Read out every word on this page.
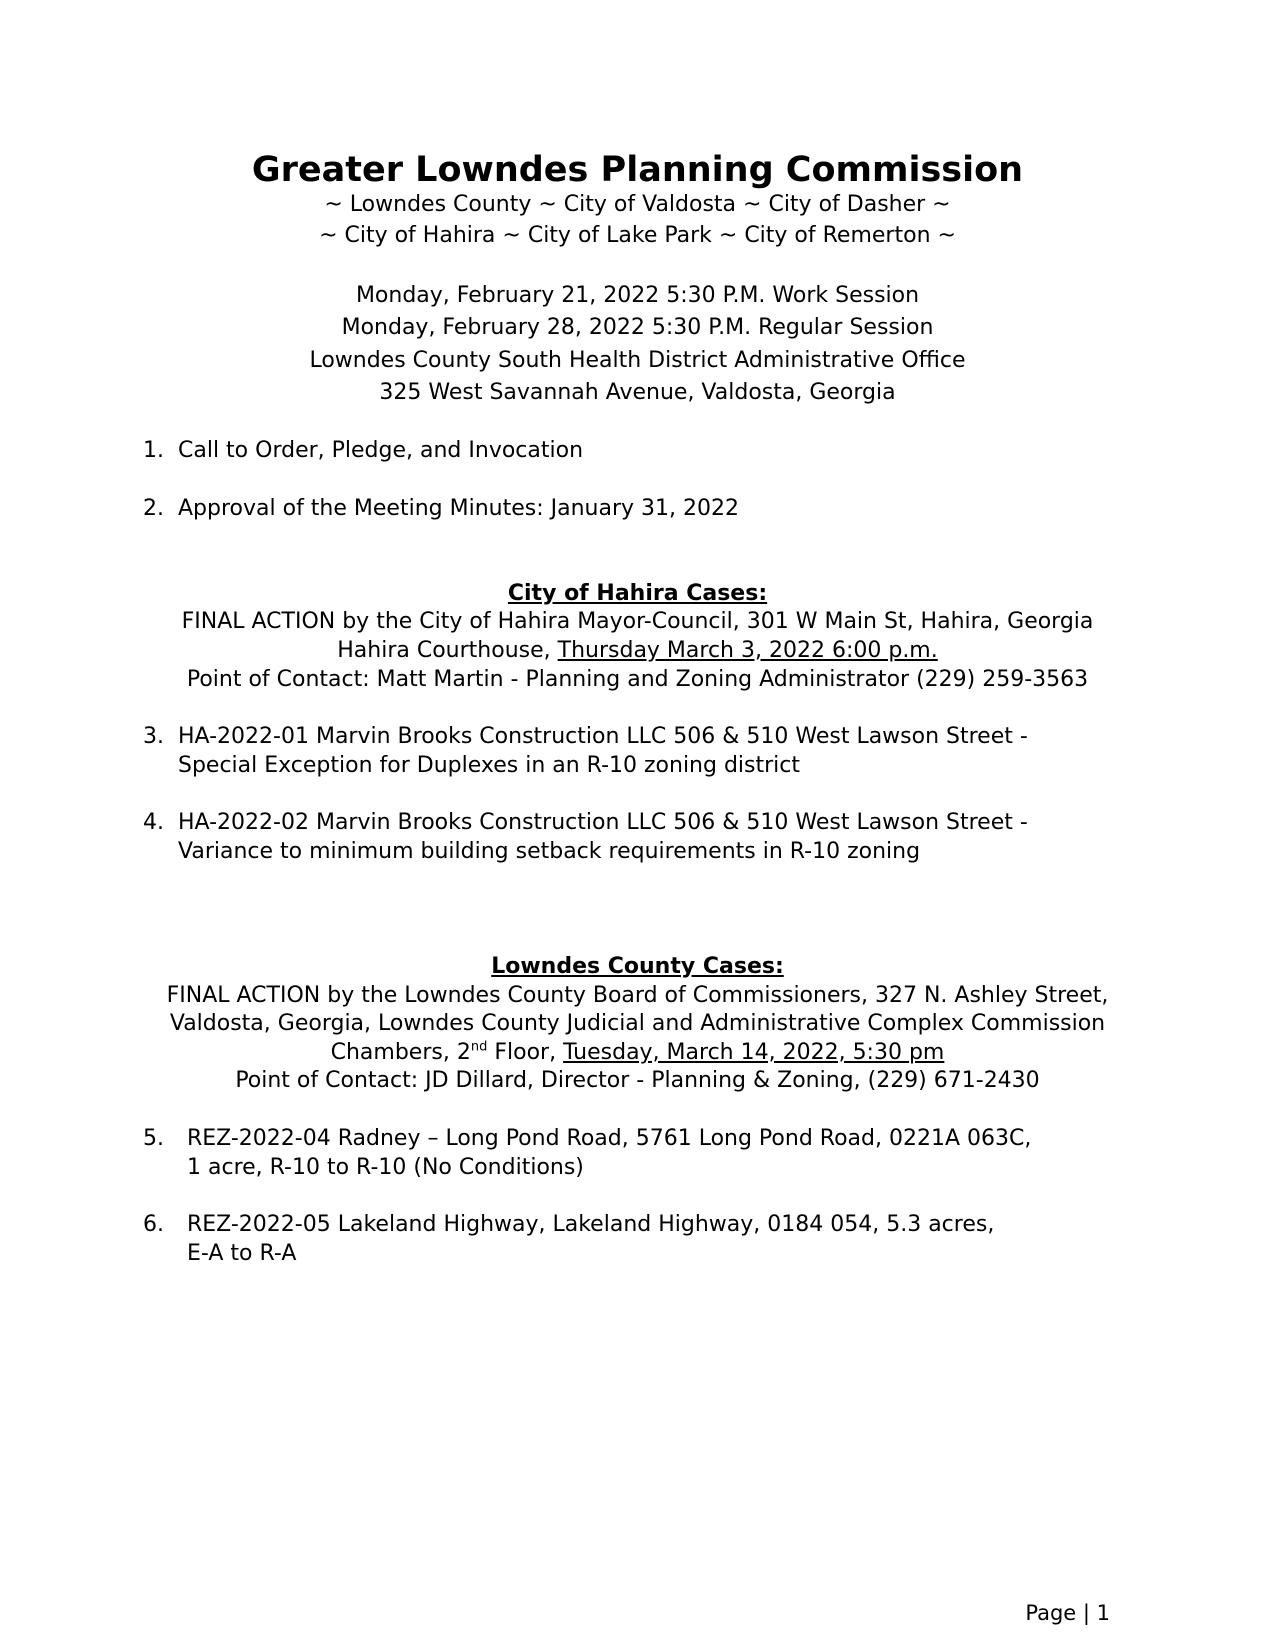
Greater Lowndes Planning Commission
~ Lowndes County ~ City of Valdosta ~ City of Dasher ~
~ City of Hahira ~ City of Lake Park ~ City of Remerton ~
Monday, February 21, 2022 5:30 P.M. Work Session
Monday, February 28, 2022 5:30 P.M. Regular Session
Lowndes County South Health District Administrative Office
325 West Savannah Avenue, Valdosta, Georgia
1. Call to Order, Pledge, and Invocation
2. Approval of the Meeting Minutes: January 31, 2022
City of Hahira Cases:
FINAL ACTION by the City of Hahira Mayor-Council, 301 W Main St, Hahira, Georgia
Hahira Courthouse, Thursday March 3, 2022 6:00 p.m.
Point of Contact: Matt Martin - Planning and Zoning Administrator (229) 259-3563
3. HA-2022-01 Marvin Brooks Construction LLC 506 & 510 West Lawson Street -
Special Exception for Duplexes in an R-10 zoning district
4. HA-2022-02 Marvin Brooks Construction LLC 506 & 510 West Lawson Street -
Variance to minimum building setback requirements in R-10 zoning
Lowndes County Cases:
FINAL ACTION by the Lowndes County Board of Commissioners, 327 N. Ashley Street,
Valdosta, Georgia, Lowndes County Judicial and Administrative Complex Commission
Chambers, 2nd Floor, Tuesday, March 14, 2022, 5:30 pm
Point of Contact: JD Dillard, Director - Planning & Zoning, (229) 671-2430
5. REZ-2022-04 Radney – Long Pond Road, 5761 Long Pond Road, 0221A 063C,
1 acre, R-10 to R-10 (No Conditions)
6. REZ-2022-05 Lakeland Highway, Lakeland Highway, 0184 054, 5.3 acres,
E-A to R-A
Page | 1
